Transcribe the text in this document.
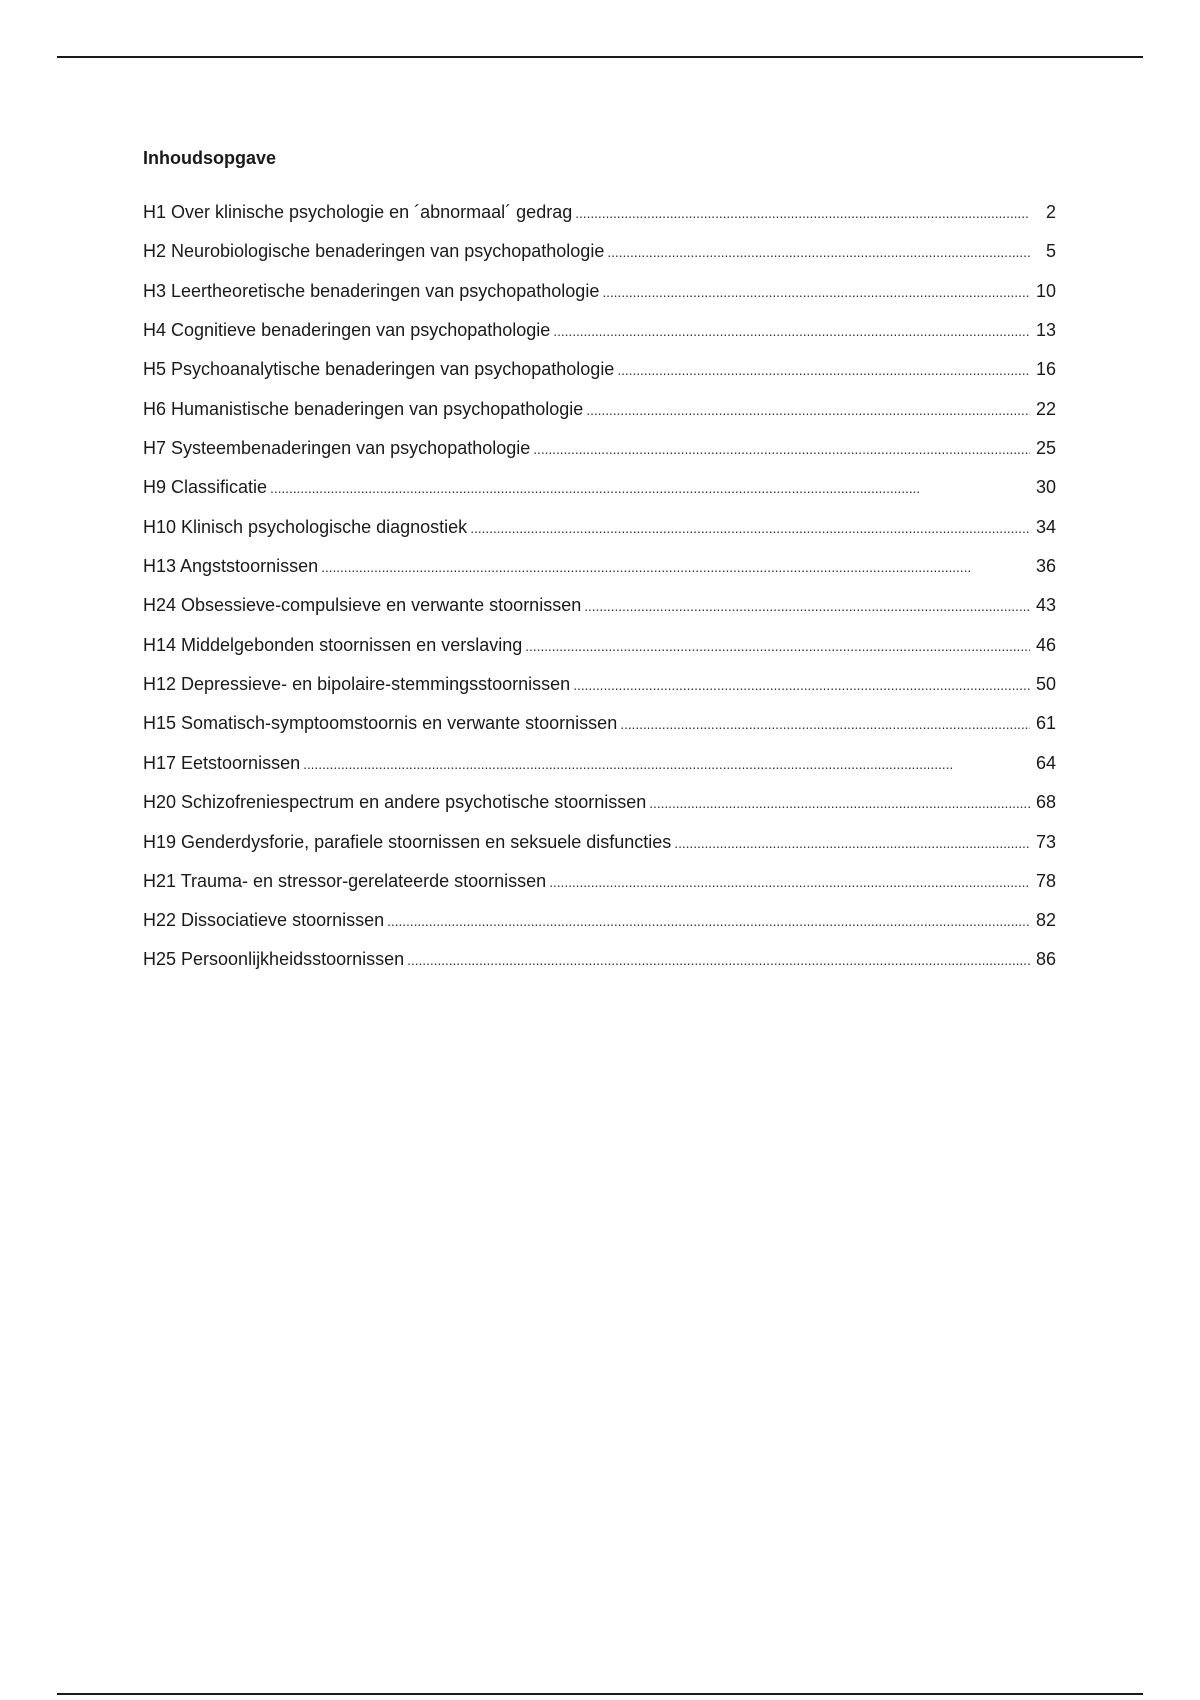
Inhoudsopgave
H1 Over klinische psychologie en ´abnormaal´ gedrag . . .	2
H2 Neurobiologische benaderingen van psychopathologie . . .	5
H3 Leertheoretische benaderingen van psychopathologie . . .	10
H4 Cognitieve benaderingen van psychopathologie . . .	13
H5 Psychoanalytische benaderingen van psychopathologie . . .	16
H6 Humanistische benaderingen van psychopathologie . . .	22
H7 Systeembenaderingen van psychopathologie . . .	25
H9 Classificatie . . .	30
H10 Klinisch psychologische diagnostiek . . .	34
H13 Angststoornissen . . .	36
H24 Obsessieve-compulsieve en verwante stoornissen . . .	43
H14 Middelgebonden stoornissen en verslaving . . .	46
H12 Depressieve- en bipolaire-stemmingsstoornissen . . .	50
H15 Somatisch-symptoomstoornis en verwante stoornissen . . .	61
H17 Eetstoornissen . . .	64
H20 Schizofreniespectrum en andere psychotische stoornissen . . .	68
H19 Genderdysforie, parafiele stoornissen en seksuele disfuncties . . .	73
H21 Trauma- en stressor-gerelateerde stoornissen . . .	78
H22 Dissociatieve stoornissen . . .	82
H25 Persoonlijkheidsstoornissen . . .	86
